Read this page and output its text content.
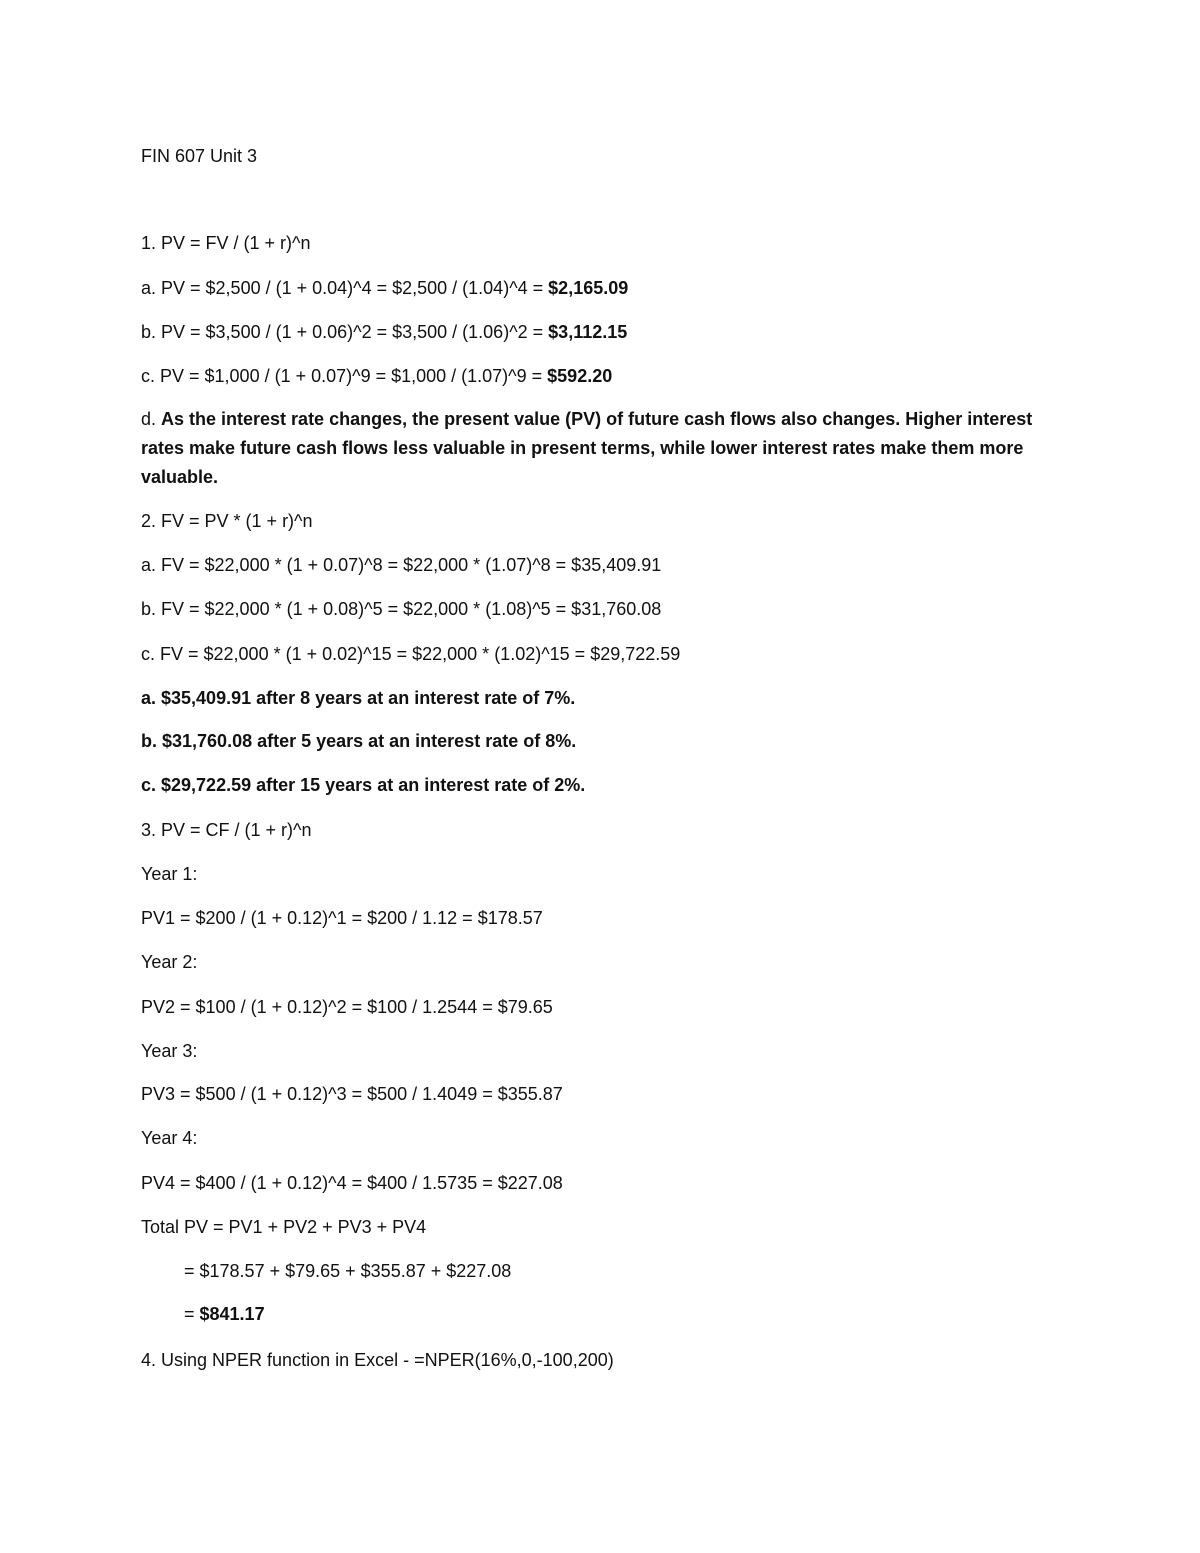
FIN 607 Unit 3
1. PV = FV / (1 + r)^n
a. PV = $2,500 / (1 + 0.04)^4 = $2,500 / (1.04)^4 = $2,165.09
b. PV = $3,500 / (1 + 0.06)^2 = $3,500 / (1.06)^2 = $3,112.15
c. PV = $1,000 / (1 + 0.07)^9 = $1,000 / (1.07)^9 = $592.20
d. As the interest rate changes, the present value (PV) of future cash flows also changes. Higher interest rates make future cash flows less valuable in present terms, while lower interest rates make them more valuable.
2. FV = PV * (1 + r)^n
a. FV = $22,000 * (1 + 0.07)^8 = $22,000 * (1.07)^8 = $35,409.91
b. FV = $22,000 * (1 + 0.08)^5 = $22,000 * (1.08)^5 = $31,760.08
c. FV = $22,000 * (1 + 0.02)^15 = $22,000 * (1.02)^15 = $29,722.59
a. $35,409.91 after 8 years at an interest rate of 7%.
b. $31,760.08 after 5 years at an interest rate of 8%.
c. $29,722.59 after 15 years at an interest rate of 2%.
3. PV = CF / (1 + r)^n
Year 1:
PV1 = $200 / (1 + 0.12)^1 = $200 / 1.12 = $178.57
Year 2:
PV2 = $100 / (1 + 0.12)^2 = $100 / 1.2544 = $79.65
Year 3:
PV3 = $500 / (1 + 0.12)^3 = $500 / 1.4049 = $355.87
Year 4:
PV4 = $400 / (1 + 0.12)^4 = $400 / 1.5735 = $227.08
Total PV = PV1 + PV2 + PV3 + PV4
= $178.57 + $79.65 + $355.87 + $227.08
= $841.17
4. Using NPER function in Excel - =NPER(16%,0,-100,200)
